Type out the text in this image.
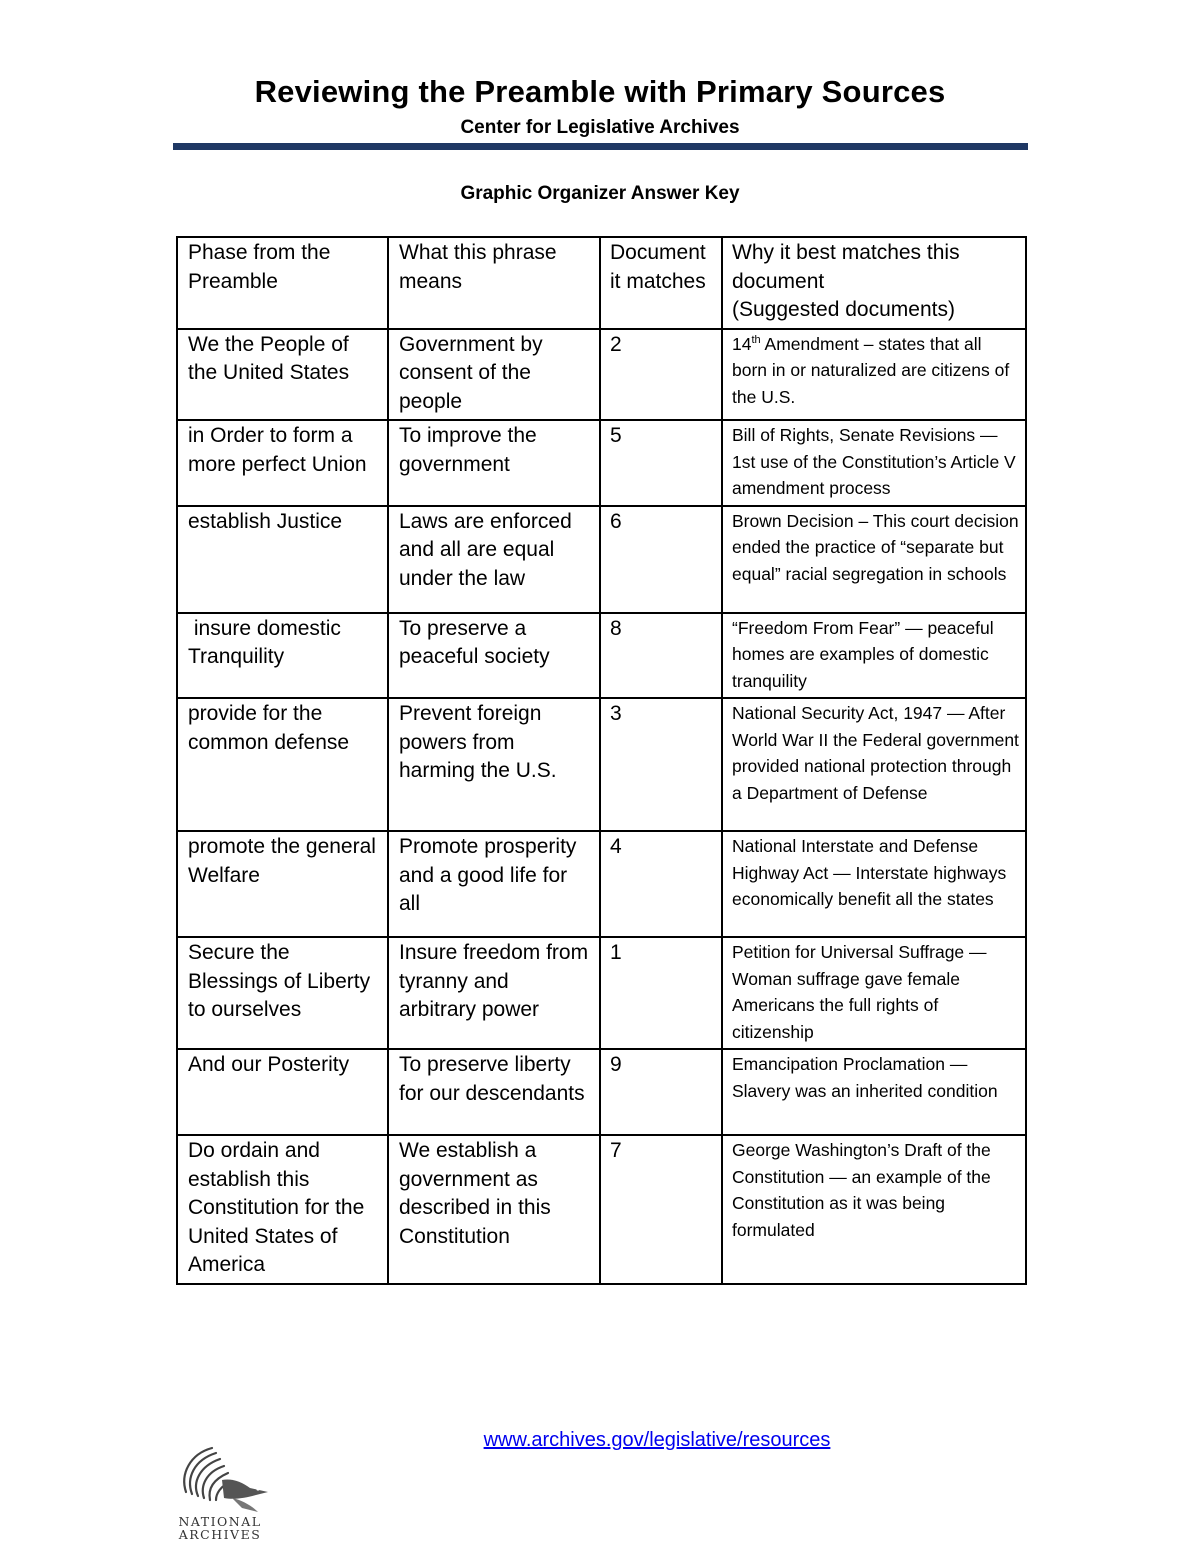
Reviewing the Preamble with Primary Sources
Center for Legislative Archives
Graphic Organizer Answer Key
Phase from the Preamble	What this phrase means	Document it matches	Why it best matches this document
(Suggested documents)
We the People of the United States	Government by consent of the people	2	14th Amendment – states that all born in or naturalized are citizens of the U.S.
in Order to form a more perfect Union	To improve the government	5	Bill of Rights, Senate Revisions — 1st use of the Constitution’s Article V amendment process
establish Justice	Laws are enforced and all are equal under the law	6	Brown Decision – This court decision ended the practice of “separate but equal” racial segregation in schools
insure domestic Tranquility	To preserve a peaceful society	8	“Freedom From Fear” — peaceful homes are examples of domestic tranquility
provide for the common defense	Prevent foreign powers from harming the U.S.	3	National Security Act, 1947 — After World War II the Federal government provided national protection through a Department of Defense
promote the general Welfare	Promote prosperity and a good life for all	4	National Interstate and Defense Highway Act — Interstate highways economically benefit all the states
Secure the Blessings of Liberty to ourselves	Insure freedom from tyranny and arbitrary power	1	Petition for Universal Suffrage — Woman suffrage gave female Americans the full rights of citizenship
And our Posterity	To preserve liberty for our descendants	9	Emancipation Proclamation — Slavery was an inherited condition
Do ordain and establish this Constitution for the United States of America	We establish a government as described in this Constitution	7	George Washington’s Draft of the Constitution — an example of the Constitution as it was being formulated
www.archives.gov/legislative/resources
NATIONAL
ARCHIVES
